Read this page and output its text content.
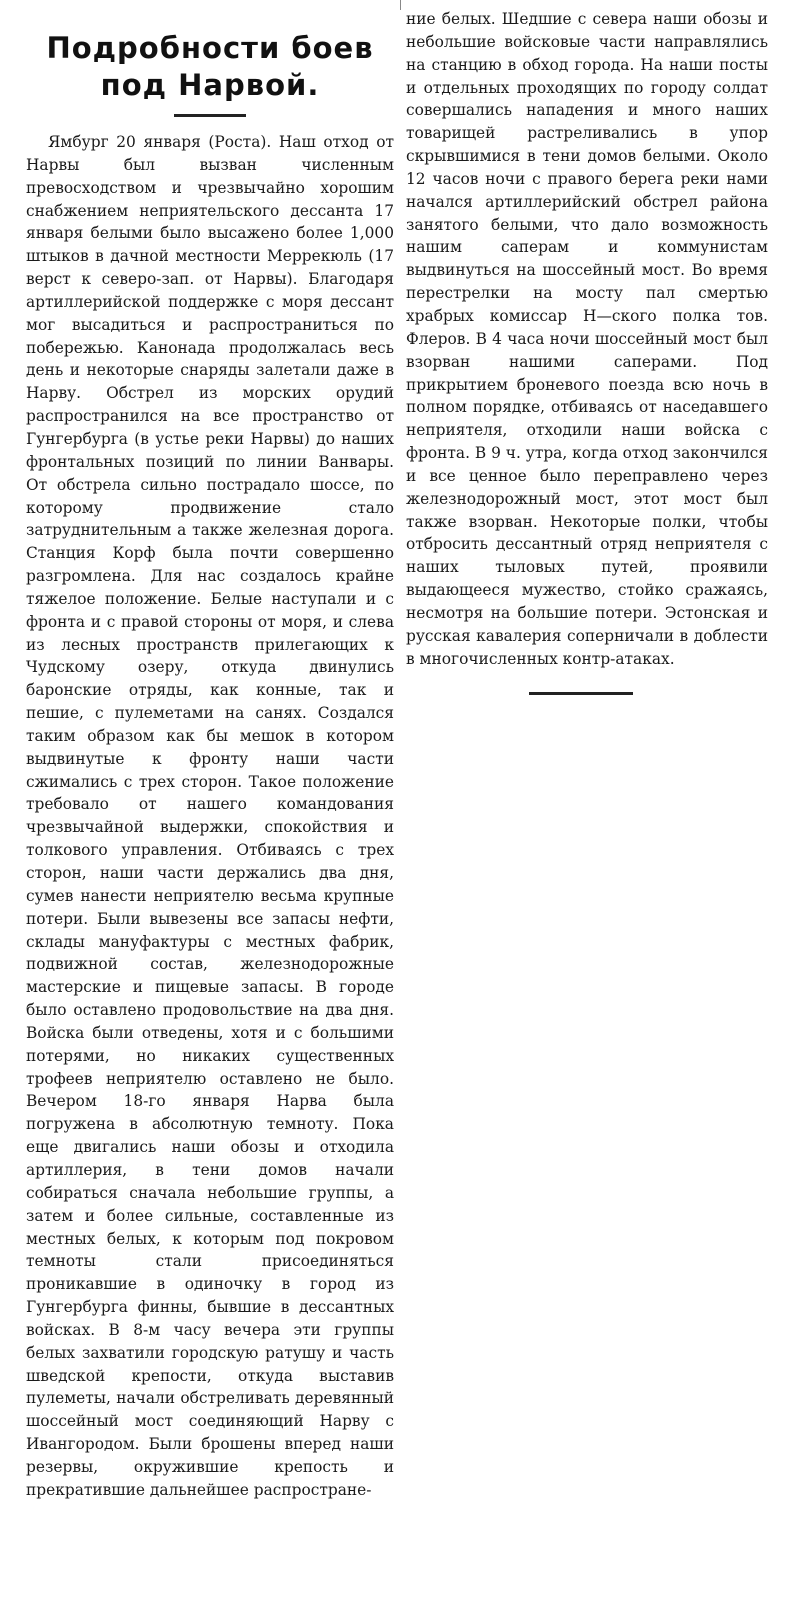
Подробности боев
под Нарвой.

Ямбург 20 января (Роста). Наш отход от Нарвы был вызван численным превосходством и чрезвычайно хорошим снабжением неприятельского дессанта 17 января белыми было высажено более 1,000 штыков в дачной местности Меррекюль (17 верст к северо-зап. от Нарвы). Благодаря артиллерийской поддержке с моря дессант мог высадиться и распространиться по побережью. Канонада продолжалась весь день и некоторые снаряды залетали даже в Нарву. Обстрел из морских орудий распространился на все пространство от Гунгербурга (в устье реки Нарвы) до наших фронтальных позиций по линии Ванвары. От обстрела сильно пострадало шоссе, по которому продвижение стало затруднительным а также железная дорога. Станция Корф была почти совершенно разгромлена. Для нас создалось крайне тяжелое положение. Белые наступали и с фронта и с правой стороны от моря, и слева из лесных пространств прилегающих к Чудскому озеру, откуда двинулись баронские отряды, как конные, так и пешие, с пулеметами на санях. Создался таким образом как бы мешок в котором выдвинутые к фронту наши части сжимались с трех сторон. Такое положение требовало от нашего командования чрезвычайной выдержки, спокойствия и толкового управления. Отбиваясь с трех сторон, наши части держались два дня, сумев нанести неприятелю весьма крупные потери. Были вывезены все запасы нефти, склады мануфактуры с местных фабрик, подвижной состав, железнодорожные мастерские и пищевые запасы. В городе было оставлено продовольствие на два дня. Войска были отведены, хотя и с большими потерями, но никаких существенных трофеев неприятелю оставлено не было. Вечером 18-го января Нарва была погружена в абсолютную темноту. Пока еще двигались наши обозы и отходила артиллерия, в тени домов начали собираться сначала небольшие группы, а затем и более сильные, составленные из местных белых, к которым под покровом темноты стали присоединяться проникавшие в одиночку в город из Гунгербурга финны, бывшие в дессантных войсках. В 8-м часу вечера эти группы белых захватили городскую ратушу и часть шведской крепости, откуда выставив пулеметы, начали обстреливать деревянный шоссейный мост соединяющий Нарву с Ивангородом. Были брошены вперед наши резервы, окружившие крепость и прекратившие дальнейшее распростране-

ние белых. Шедшие с севера наши обозы и небольшие войсковые части направлялись на станцию в обход города. На наши посты и отдельных проходящих по городу солдат совершались нападения и много наших товарищей растреливались в упор скрывшимися в тени домов белыми. Около 12 часов ночи с правого берега реки нами начался артиллерийский обстрел района занятого белыми, что дало возможность нашим саперам и коммунистам выдвинуться на шоссейный мост. Во время перестрелки на мосту пал смертью храбрых комиссар Н—ского полка тов. Флеров. В 4 часа ночи шоссейный мост был взорван нашими саперами. Под прикрытием броневого поезда всю ночь в полном порядке, отбиваясь от наседавшего неприятеля, отходили наши войска с фронта. В 9 ч. утра, когда отход закончился и все ценное было переправлено через железнодорожный мост, этот мост был также взорван. Некоторые полки, чтобы отбросить дессантный отряд неприятеля с наших тыловых путей, проявили выдающееся мужество, стойко сражаясь, несмотря на большие потери. Эстонская и русская кавалерия соперничали в доблести в многочисленных контр-атаках.
